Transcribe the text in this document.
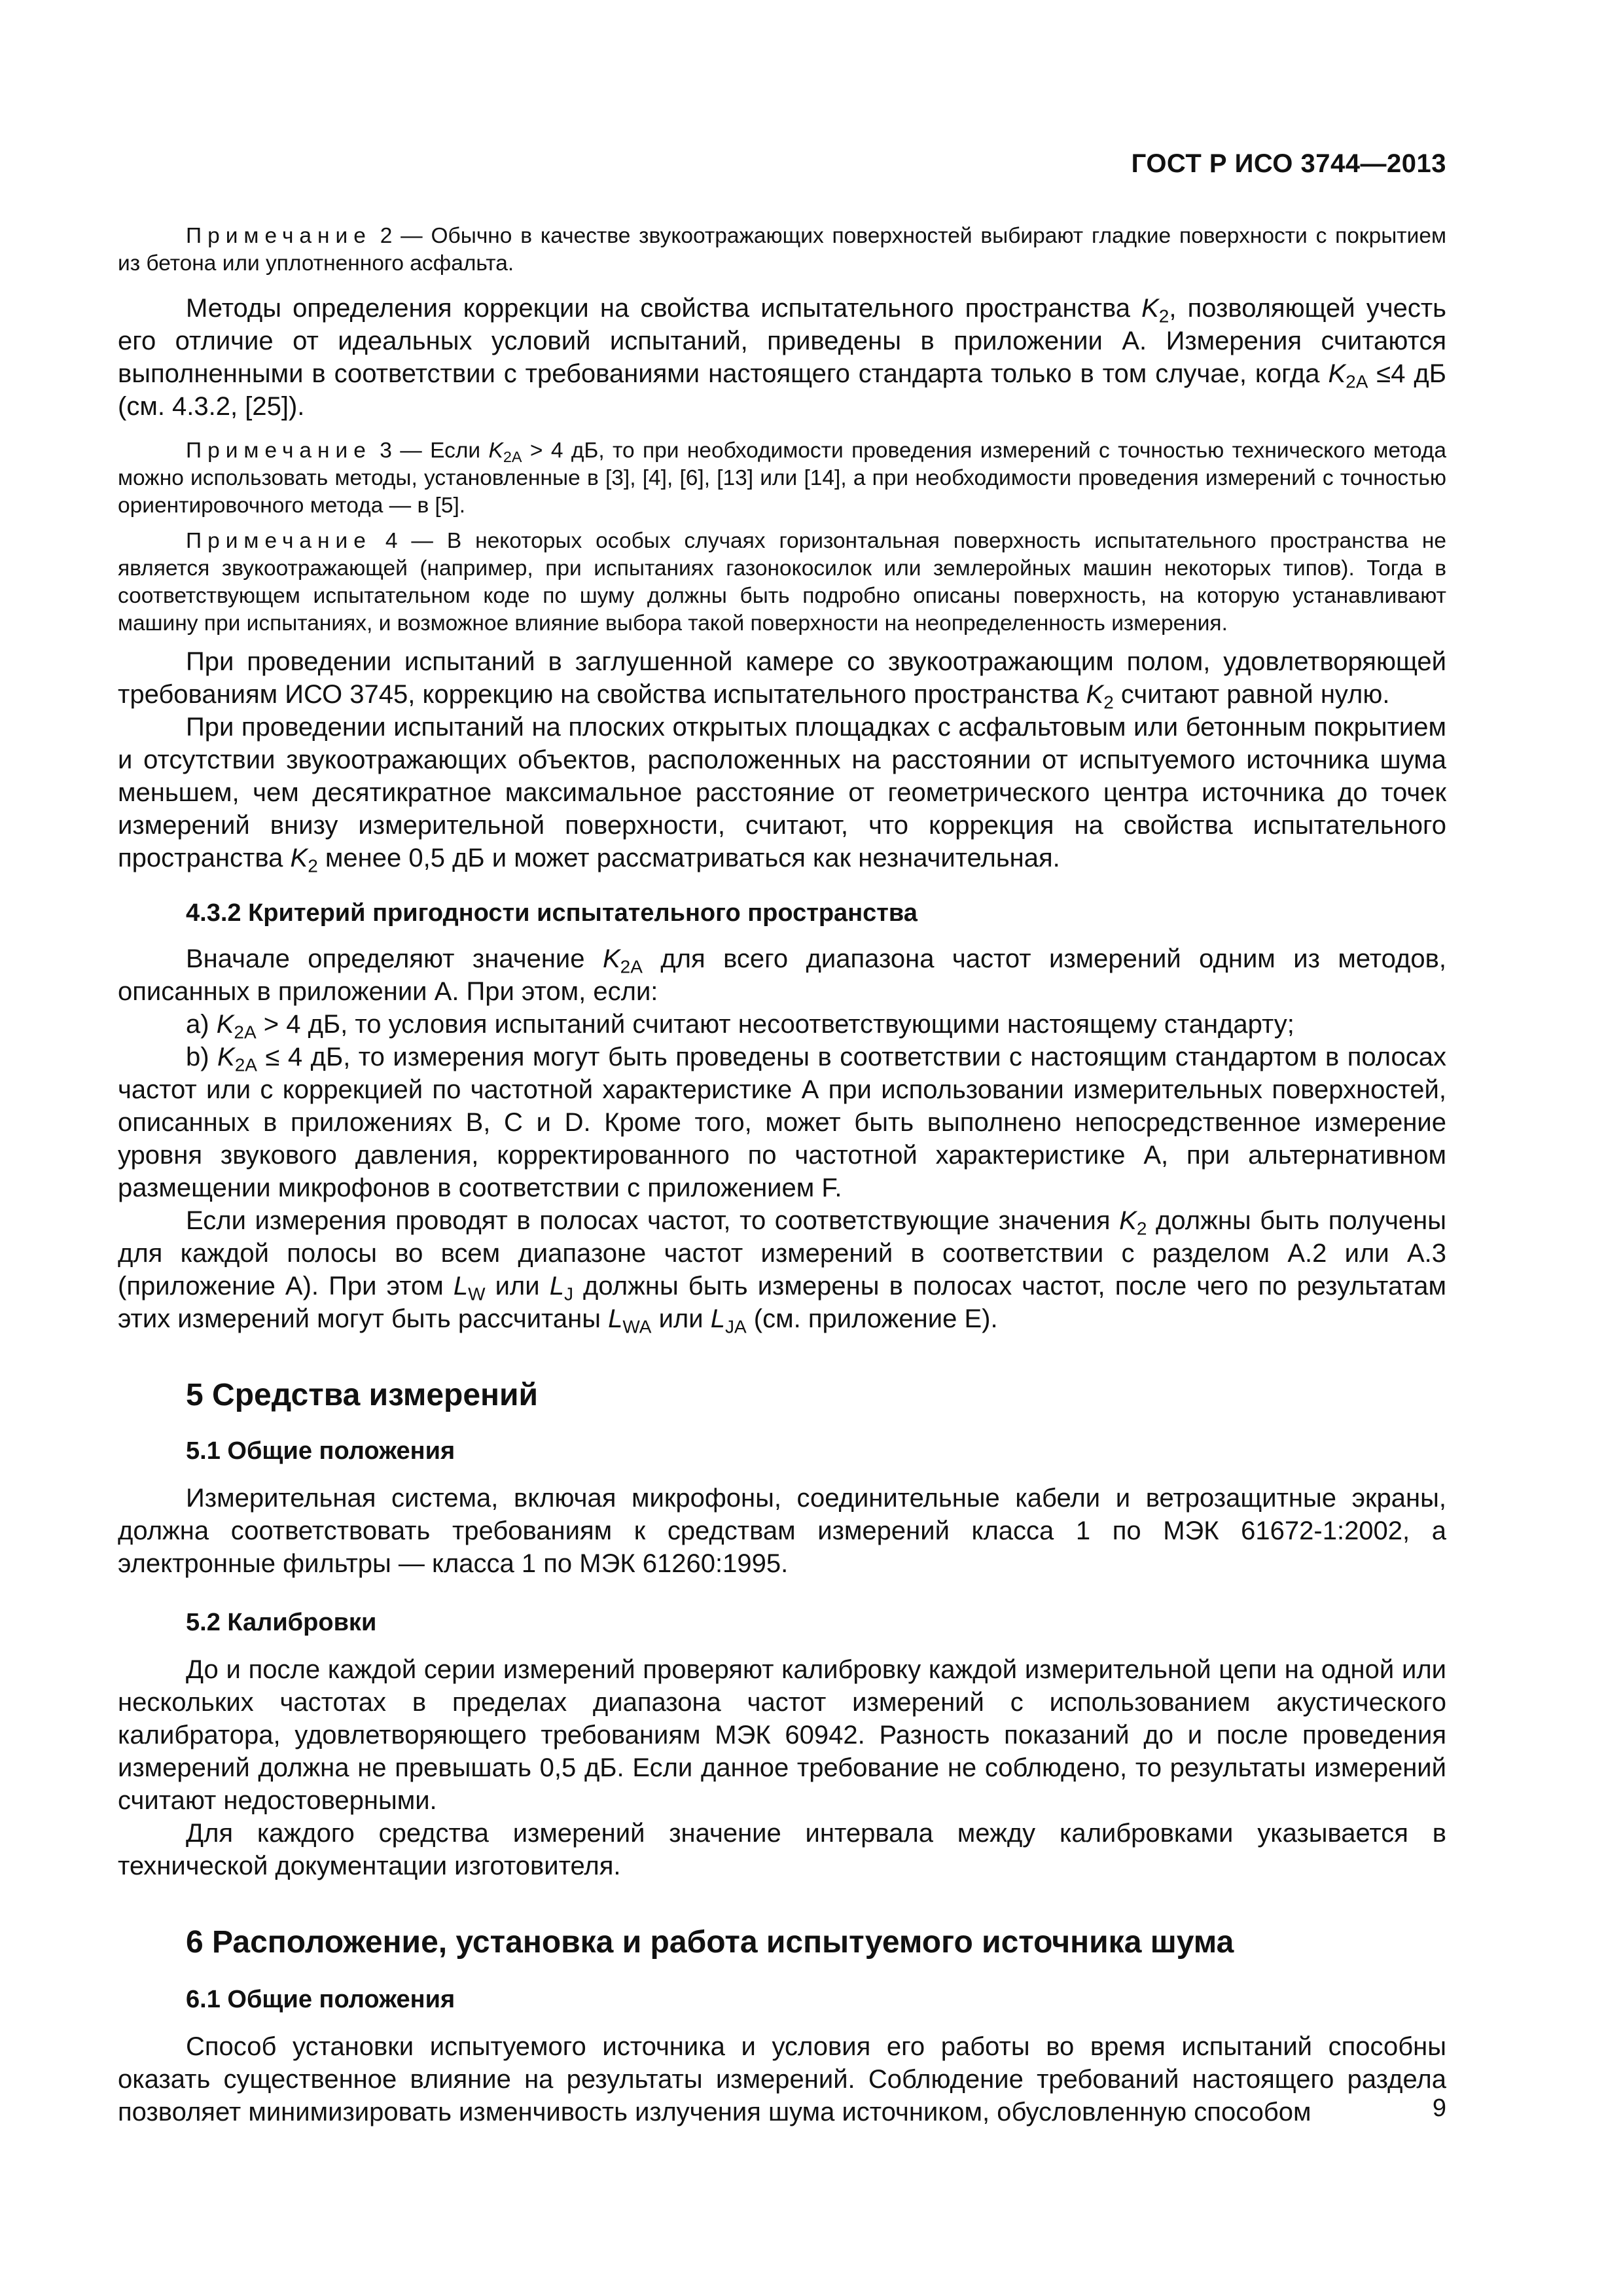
ГОСТ Р ИСО 3744—2013

Примечание 2 — Обычно в качестве звукоотражающих поверхностей выбирают гладкие поверхности с покрытием из бетона или уплотненного асфальта.

Методы определения коррекции на свойства испытательного пространства $K_2$, позволяющей учесть его отличие от идеальных условий испытаний, приведены в приложении А. Измерения считаются выполненными в соответствии с требованиями настоящего стандарта только в том случае, когда $K_{2A} \le 4$ дБ (см. 4.3.2, [25]).

Примечание 3 — Если $K_{2A} > 4$ дБ, то при необходимости проведения измерений с точностью технического метода можно использовать методы, установленные в [3], [4], [6], [13] или [14], а при необходимости проведения измерений с точностью ориентировочного метода — в [5].

Примечание 4 — В некоторых особых случаях горизонтальная поверхность испытательного пространства не является звукоотражающей (например, при испытаниях газонокосилок или землеройных машин некоторых типов). Тогда в соответствующем испытательном коде по шуму должны быть подробно описаны поверхность, на которую устанавливают машину при испытаниях, и возможное влияние выбора такой поверхности на неопределенность измерения.

При проведении испытаний в заглушенной камере со звукоотражающим полом, удовлетворяющей требованиям ИСО 3745, коррекцию на свойства испытательного пространства $K_2$ считают равной нулю.

При проведении испытаний на плоских открытых площадках с асфальтовым или бетонным покрытием и отсутствии звукоотражающих объектов, расположенных на расстоянии от испытуемого источника шума меньшем, чем десятикратное максимальное расстояние от геометрического центра источника до точек измерений внизу измерительной поверхности, считают, что коррекция на свойства испытательного пространства $K_2$ менее 0,5 дБ и может рассматриваться как незначительная.

4.3.2 Критерий пригодности испытательного пространства

Вначале определяют значение $K_{2A}$ для всего диапазона частот измерений одним из методов, описанных в приложении А. При этом, если:

а) $K_{2A} > 4$ дБ, то условия испытаний считают несоответствующими настоящему стандарту;

b) $K_{2A} \le 4$ дБ, то измерения могут быть проведены в соответствии с настоящим стандартом в полосах частот или с коррекцией по частотной характеристике А при использовании измерительных поверхностей, описанных в приложениях В, С и D. Кроме того, может быть выполнено непосредственное измерение уровня звукового давления, корректированного по частотной характеристике А, при альтернативном размещении микрофонов в соответствии с приложением F.

Если измерения проводят в полосах частот, то соответствующие значения $K_2$ должны быть получены для каждой полосы во всем диапазоне частот измерений в соответствии с разделом А.2 или А.3 (приложение А). При этом $L_W$ или $L_J$ должны быть измерены в полосах частот, после чего по результатам этих измерений могут быть рассчитаны $L_{WA}$ или $L_{JA}$ (см. приложение Е).

5 Средства измерений
5.1 Общие положения

Измерительная система, включая микрофоны, соединительные кабели и ветрозащитные экраны, должна соответствовать требованиям к средствам измерений класса 1 по МЭК 61672-1:2002, а электронные фильтры — класса 1 по МЭК 61260:1995.

5.2 Калибровки

До и после каждой серии измерений проверяют калибровку каждой измерительной цепи на одной или нескольких частотах в пределах диапазона частот измерений с использованием акустического калибратора, удовлетворяющего требованиям МЭК 60942. Разность показаний до и после проведения измерений должна не превышать 0,5 дБ. Если данное требование не соблюдено, то результаты измерений считают недостоверными.

Для каждого средства измерений значение интервала между калибровками указывается в технической документации изготовителя.

6 Расположение, установка и работа испытуемого источника шума
6.1 Общие положения

Способ установки испытуемого источника и условия его работы во время испытаний способны оказать существенное влияние на результаты измерений. Соблюдение требований настоящего раздела позволяет минимизировать изменчивость излучения шума источником, обусловленную способом	9
